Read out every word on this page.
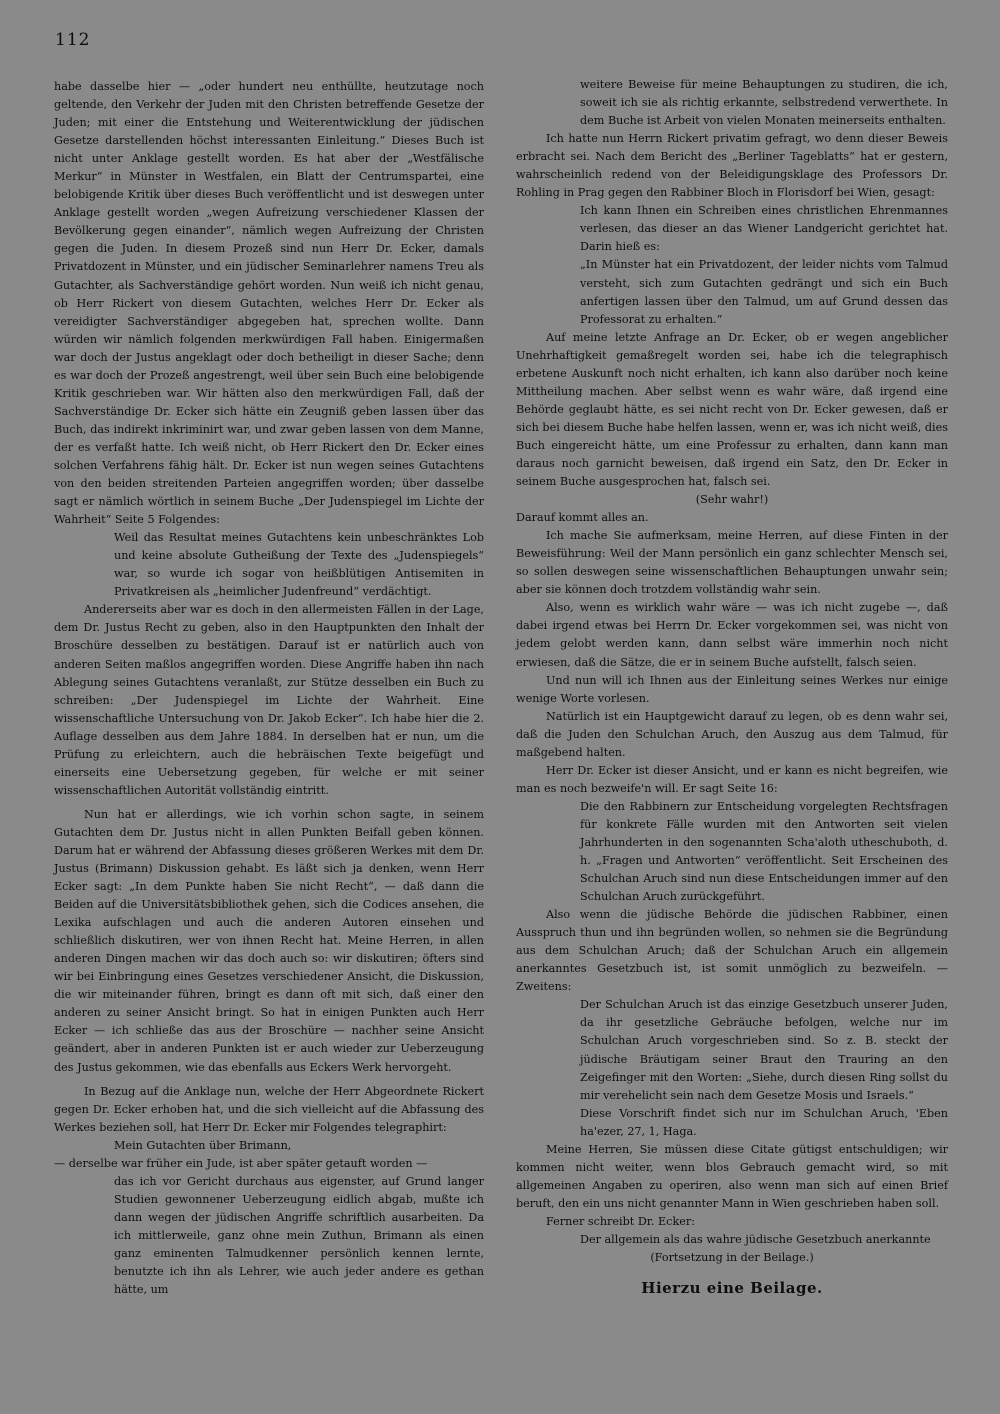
112

habe dasselbe hier — „oder hundert neu enthüllte, heutzutage noch geltende, den Verkehr der Juden mit den Christen betreffende Gesetze der Juden; mit einer die Entstehung und Weiterentwicklung der jüdischen Gesetze darstellenden höchst interessanten Einleitung.“ Dieses Buch ist nicht unter Anklage gestellt worden. Es hat aber der „Westfälische Merkur“ in Münster in Westfalen, ein Blatt der Centrumspartei, eine belobigende Kritik über dieses Buch veröffentlicht und ist deswegen unter Anklage gestellt worden „wegen Aufreizung verschiedener Klassen der Bevölkerung gegen einander“, nämlich wegen Aufreizung der Christen gegen die Juden. In diesem Prozeß sind nun Herr Dr. Ecker, damals Privatdozent in Münster, und ein jüdischer Seminarlehrer namens Treu als Gutachter, als Sachverständige gehört worden. Nun weiß ich nicht genau, ob Herr Rickert von diesem Gutachten, welches Herr Dr. Ecker als vereidigter Sachverständiger abgegeben hat, sprechen wollte. Dann würden wir nämlich folgenden merkwürdigen Fall haben. Einigermaßen war doch der Justus angeklagt oder doch betheiligt in dieser Sache; denn es war doch der Prozeß angestrengt, weil über sein Buch eine belobigende Kritik geschrieben war. Wir hätten also den merkwürdigen Fall, daß der Sachverständige Dr. Ecker sich hätte ein Zeugniß geben lassen über das Buch, das indirekt inkriminirt war, und zwar geben lassen von dem Manne, der es verfaßt hatte. Ich weiß nicht, ob Herr Rickert den Dr. Ecker eines solchen Verfahrens fähig hält. Dr. Ecker ist nun wegen seines Gutachtens von den beiden streitenden Parteien angegriffen worden; über dasselbe sagt er nämlich wörtlich in seinem Buche „Der Judenspiegel im Lichte der Wahrheit“ Seite 5 Folgendes:

Weil das Resultat meines Gutachtens kein unbeschränktes Lob und keine absolute Gutheißung der Texte des „Judenspiegels“ war, so wurde ich sogar von heißblütigen Antisemiten in Privatkreisen als „heimlicher Judenfreund“ verdächtigt.

Andererseits aber war es doch in den allermeisten Fällen in der Lage, dem Dr. Justus Recht zu geben, also in den Hauptpunkten den Inhalt der Broschüre desselben zu bestätigen. Darauf ist er natürlich auch von anderen Seiten maßlos angegriffen worden. Diese Angriffe haben ihn nach Ablegung seines Gutachtens veranlaßt, zur Stütze desselben ein Buch zu schreiben: „Der Judenspiegel im Lichte der Wahrheit. Eine wissenschaftliche Untersuchung von Dr. Jakob Ecker“. Ich habe hier die 2. Auflage desselben aus dem Jahre 1884. In derselben hat er nun, um die Prüfung zu erleichtern, auch die hebräischen Texte beigefügt und einerseits eine Uebersetzung gegeben, für welche er mit seiner wissenschaftlichen Autorität vollständig eintritt.

Nun hat er allerdings, wie ich vorhin schon sagte, in seinem Gutachten dem Dr. Justus nicht in allen Punkten Beifall geben können. Darum hat er während der Abfassung dieses größeren Werkes mit dem Dr. Justus (Brimann) Diskussion gehabt. Es läßt sich ja denken, wenn Herr Ecker sagt: „In dem Punkte haben Sie nicht Recht“, — daß dann die Beiden auf die Universitätsbibliothek gehen, sich die Codices ansehen, die Lexika aufschlagen und auch die anderen Autoren einsehen und schließlich diskutiren, wer von ihnen Recht hat. Meine Herren, in allen anderen Dingen machen wir das doch auch so: wir diskutiren; öfters sind wir bei Einbringung eines Gesetzes verschiedener Ansicht, die Diskussion, die wir miteinander führen, bringt es dann oft mit sich, daß einer den anderen zu seiner Ansicht bringt. So hat in einigen Punkten auch Herr Ecker — ich schließe das aus der Broschüre — nachher seine Ansicht geändert, aber in anderen Punkten ist er auch wieder zur Ueberzeugung des Justus gekommen, wie das ebenfalls aus Eckers Werk hervorgeht.

In Bezug auf die Anklage nun, welche der Herr Abgeordnete Rickert gegen Dr. Ecker erhoben hat, und die sich vielleicht auf die Abfassung des Werkes beziehen soll, hat Herr Dr. Ecker mir Folgendes telegraphirt:

Mein Gutachten über Brimann,

— derselbe war früher ein Jude, ist aber später getauft worden —

das ich vor Gericht durchaus aus eigenster, auf Grund langer Studien gewonnener Ueberzeugung eidlich abgab, mußte ich dann wegen der jüdischen Angriffe schriftlich ausarbeiten. Da ich mittlerweile, ganz ohne mein Zuthun, Brimann als einen ganz eminenten Talmudkenner persönlich kennen lernte, benutzte ich ihn als Lehrer, wie auch jeder andere es gethan hätte, um

weitere Beweise für meine Behauptungen zu studiren, die ich, soweit ich sie als richtig erkannte, selbstredend verwerthete. In dem Buche ist Arbeit von vielen Monaten meinerseits enthalten.

Ich hatte nun Herrn Rickert privatim gefragt, wo denn dieser Beweis erbracht sei. Nach dem Bericht des „Berliner Tageblatts“ hat er gestern, wahrscheinlich redend von der Beleidigungsklage des Professors Dr. Rohling in Prag gegen den Rabbiner Bloch in Florisdorf bei Wien, gesagt:

Ich kann Ihnen ein Schreiben eines christlichen Ehrenmannes verlesen, das dieser an das Wiener Landgericht gerichtet hat. Darin hieß es:

„In Münster hat ein Privatdozent, der leider nichts vom Talmud versteht, sich zum Gutachten gedrängt und sich ein Buch anfertigen lassen über den Talmud, um auf Grund dessen das Professorat zu erhalten.“

Auf meine letzte Anfrage an Dr. Ecker, ob er wegen angeblicher Unehrhaftigkeit gemaßregelt worden sei, habe ich die telegraphisch erbetene Auskunft noch nicht erhalten, ich kann also darüber noch keine Mittheilung machen. Aber selbst wenn es wahr wäre, daß irgend eine Behörde geglaubt hätte, es sei nicht recht von Dr. Ecker gewesen, daß er sich bei diesem Buche habe helfen lassen, wenn er, was ich nicht weiß, dies Buch eingereicht hätte, um eine Professur zu erhalten, dann kann man daraus noch garnicht beweisen, daß irgend ein Satz, den Dr. Ecker in seinem Buche ausgesprochen hat, falsch sei.

(Sehr wahr!)

Darauf kommt alles an.

Ich mache Sie aufmerksam, meine Herren, auf diese Finten in der Beweisführung: Weil der Mann persönlich ein ganz schlechter Mensch sei, so sollen deswegen seine wissenschaftlichen Behauptungen unwahr sein; aber sie können doch trotzdem vollständig wahr sein.

Also, wenn es wirklich wahr wäre — was ich nicht zugebe —, daß dabei irgend etwas bei Herrn Dr. Ecker vorgekommen sei, was nicht von jedem gelobt werden kann, dann selbst wäre immerhin noch nicht erwiesen, daß die Sätze, die er in seinem Buche aufstellt, falsch seien.

Und nun will ich Ihnen aus der Einleitung seines Werkes nur einige wenige Worte vorlesen.

Natürlich ist ein Hauptgewicht darauf zu legen, ob es denn wahr sei, daß die Juden den Schulchan Aruch, den Auszug aus dem Talmud, für maßgebend halten.

Herr Dr. Ecker ist dieser Ansicht, und er kann es nicht begreifen, wie man es noch bezweife'n will. Er sagt Seite 16:

Die den Rabbinern zur Entscheidung vorgelegten Rechtsfragen für konkrete Fälle wurden mit den Antworten seit vielen Jahrhunderten in den sogenannten Scha'aloth utheschuboth, d. h. „Fragen und Antworten“ veröffentlicht. Seit Erscheinen des Schulchan Aruch sind nun diese Entscheidungen immer auf den Schulchan Aruch zurückgeführt.

Also wenn die jüdische Behörde die jüdischen Rabbiner, einen Ausspruch thun und ihn begründen wollen, so nehmen sie die Begründung aus dem Schulchan Aruch; daß der Schulchan Aruch ein allgemein anerkanntes Gesetzbuch ist, ist somit unmöglich zu bezweifeln. — Zweitens:

Der Schulchan Aruch ist das einzige Gesetzbuch unserer Juden, da ihr gesetzliche Gebräuche befolgen, welche nur im Schulchan Aruch vorgeschrieben sind. So z. B. steckt der jüdische Bräutigam seiner Braut den Trauring an den Zeigefinger mit den Worten: „Siehe, durch diesen Ring sollst du mir verehelicht sein nach dem Gesetze Mosis und Israels.“

Diese Vorschrift findet sich nur im Schulchan Aruch, 'Eben ha'ezer, 27, 1, Haga.

Meine Herren, Sie müssen diese Citate gütigst entschuldigen; wir kommen nicht weiter, wenn blos Gebrauch gemacht wird, so mit allgemeinen Angaben zu operiren, also wenn man sich auf einen Brief beruft, den ein uns nicht genannter Mann in Wien geschrieben haben soll.

Ferner schreibt Dr. Ecker:

Der allgemein als das wahre jüdische Gesetzbuch anerkannte

(Fortsetzung in der Beilage.)

Hierzu eine Beilage.
